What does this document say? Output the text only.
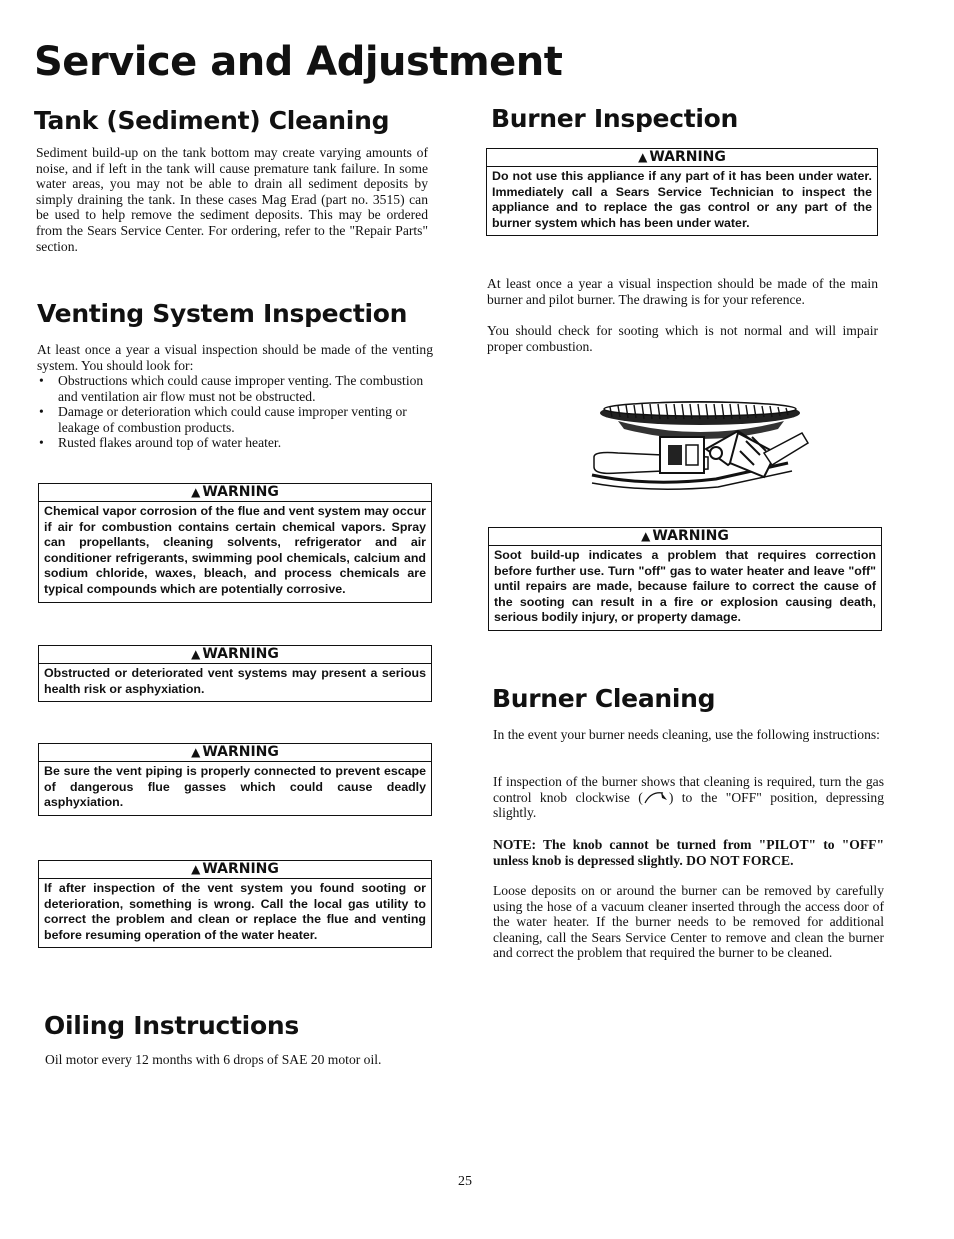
Service and Adjustment
Tank (Sediment) Cleaning

Sediment build-up on the tank bottom may create varying amounts of noise, and if left in the tank will cause premature tank failure. In some water areas, you may not be able to drain all sediment deposits by simply draining the tank. In these cases Mag Erad (part no. 3515) can be used to help remove the sediment deposits. This may be ordered from the Sears Service Center. For ordering, refer to the "Repair Parts" section.

Venting System Inspection

At least once a year a visual inspection should be made of the venting system. You should look for:

• Obstructions which could cause improper venting. The combustion and ventilation air flow must not be obstructed.
• Damage or deterioration which could cause improper venting or leakage of combustion products.
• Rusted flakes around top of water heater.
▲ WARNING
Chemical vapor corrosion of the flue and vent system may occur if air for combustion contains certain chemical vapors. Spray can propellants, cleaning solvents, refrigerator and air conditioner refrigerants, swimming pool chemicals, calcium and sodium chloride, waxes, bleach, and process chemicals are typical compounds which are potentially corrosive.
▲ WARNING
Obstructed or deteriorated vent systems may present a serious health risk or asphyxiation.
▲ WARNING
Be sure the vent piping is properly connected to prevent escape of dangerous flue gasses which could cause deadly asphyxiation.
▲ WARNING
If after inspection of the vent system you found sooting or deterioration, something is wrong. Call the local gas utility to correct the problem and clean or replace the flue and venting before resuming operation of the water heater.
Oiling Instructions

Oil motor every 12 months with 6 drops of SAE 20 motor oil.

Burner Inspection
▲ WARNING
Do not use this appliance if any part of it has been under water. Immediately call a Sears Service Technician to inspect the appliance and to replace the gas control or any part of the burner system which has been under water.

At least once a year a visual inspection should be made of the main burner and pilot burner. The drawing is for your reference.

You should check for sooting which is not normal and will impair proper combustion.

▲ WARNING
Soot build-up indicates a problem that requires correction before further use. Turn "off" gas to water heater and leave "off" until repairs are made, because failure to correct the cause of the sooting can result in a fire or explosion causing death, serious bodily injury, or property damage.
Burner Cleaning

In the event your burner needs cleaning, use the following instructions:

If inspection of the burner shows that cleaning is required, turn the gas control knob clockwise ( ) to the "OFF" position, depressing slightly.

NOTE: The knob cannot be turned from "PILOT" to "OFF" unless knob is depressed slightly. DO NOT FORCE.

Loose deposits on or around the burner can be removed by carefully using the hose of a vacuum cleaner inserted through the access door of the water heater. If the burner needs to be removed for additional cleaning, call the Sears Service Center to remove and clean the burner and correct the problem that required the burner to be cleaned.

25
